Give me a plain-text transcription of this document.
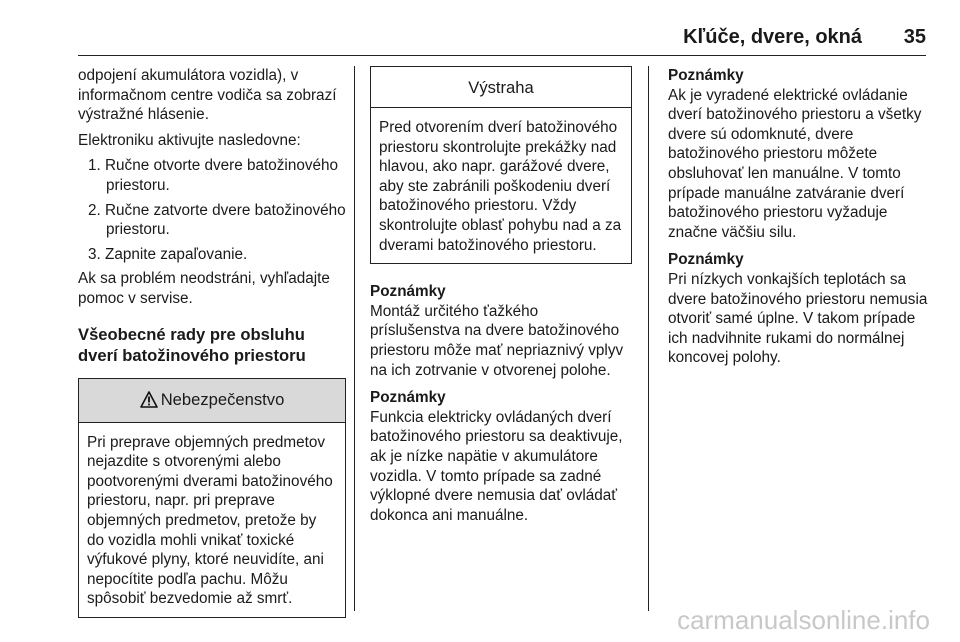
Kľúče, dvere, okná 35

odpojení akumulátora vozidla), v informačnom centre vodiča sa zobrazí výstražné hlásenie.

Elektroniku aktivujte nasledovne:

1. Ručne otvorte dvere batožinového priestoru.
2. Ručne zatvorte dvere batožinového priestoru.
3. Zapnite zapaľovanie.

Ak sa problém neodstráni, vyhľadajte pomoc v servise.

Všeobecné rady pre obsluhu dverí batožinového priestoru
Nebezpečenstvo
Pri preprave objemných predmetov nejazdite s otvorenými alebo pootvorenými dverami batožinového priestoru, napr. pri preprave objemných predmetov, pretože by do vozidla mohli vnikať toxické výfukové plyny, ktoré neuvidíte, ani nepocítite podľa pachu. Môžu spôsobiť bezvedomie až smrť.
Výstraha
Pred otvorením dverí batožinového priestoru skontrolujte prekážky nad hlavou, ako napr. garážové dvere, aby ste zabránili poškodeniu dverí batožinového priestoru. Vždy skontrolujte oblasť pohybu nad a za dverami batožinového priestoru.
Poznámky
Montáž určitého ťažkého príslušenstva na dvere batožinového priestoru môže mať nepriaznivý vplyv na ich zotrvanie v otvorenej polohe.
Poznámky
Funkcia elektricky ovládaných dverí batožinového priestoru sa deaktivuje, ak je nízke napätie v akumulátore vozidla. V tomto prípade sa zadné výklopné dvere nemusia dať ovládať dokonca ani manuálne.
Poznámky
Ak je vyradené elektrické ovládanie dverí batožinového priestoru a všetky dvere sú odomknuté, dvere batožinového priestoru môžete obsluhovať len manuálne. V tomto prípade manuálne zatváranie dverí batožinového priestoru vyžaduje značne väčšiu silu.
Poznámky
Pri nízkych vonkajších teplotách sa dvere batožinového priestoru nemusia otvoriť samé úplne. V takom prípade ich nadvihnite rukami do normálnej koncovej polohy.
carmanualsonline.info
